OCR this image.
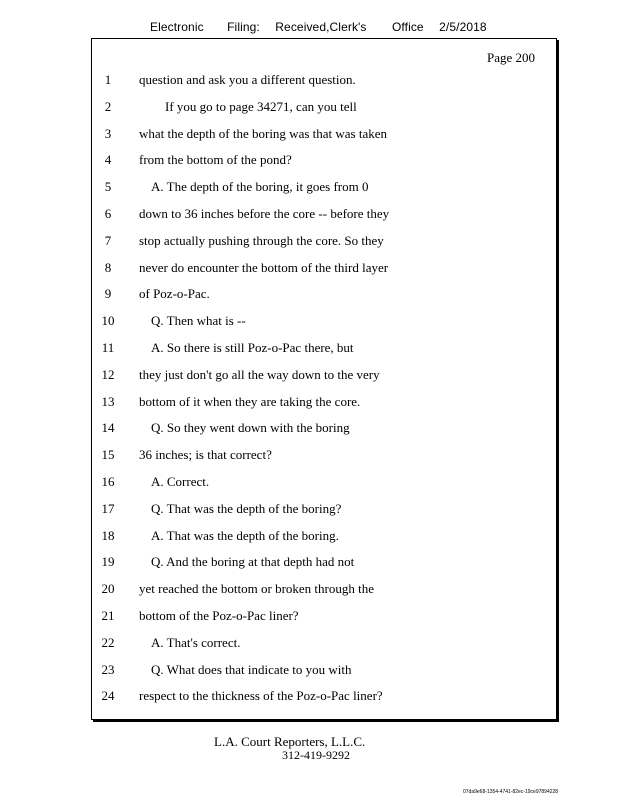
Electronic Filing: Received,Clerk's Office 2/5/2018
Page 200
1	question and ask you a different question.
2	If you go to page 34271, can you tell
3	what the depth of the boring was that was taken
4	from the bottom of the pond?
5	A. The depth of the boring, it goes from 0
6	down to 36 inches before the core -- before they
7	stop actually pushing through the core. So they
8	never do encounter the bottom of the third layer
9	of Poz-o-Pac.
10	Q. Then what is --
11	A. So there is still Poz-o-Pac there, but
12	they just don't go all the way down to the very
13	bottom of it when they are taking the core.
14	Q. So they went down with the boring
15	36 inches; is that correct?
16	A. Correct.
17	Q. That was the depth of the boring?
18	A. That was the depth of the boring.
19	Q. And the boring at that depth had not
20	yet reached the bottom or broken through the
21	bottom of the Poz-o-Pac liner?
22	A. That's correct.
23	Q. What does that indicate to you with
24	respect to the thickness of the Poz-o-Pac liner?
L.A. Court Reporters, L.L.C.
312-419-9292
07da9e68-1354-4741-82ec-19ce97894228
